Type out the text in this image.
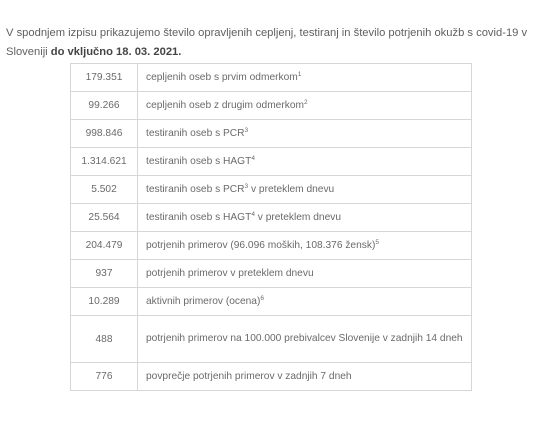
V spodnjem izpisu prikazujemo število opravljenih cepljenj, testiranj in število potrjenih okužb s covid-19 v Sloveniji do vključno 18. 03. 2021.

179.351	cepljenih oseb s prvim odmerkom$^1$
99.266	cepljenih oseb z drugim odmerkom$^2$
998.846	testiranih oseb s PCR$^3$
1.314.621	testiranih oseb s HAGT$^4$
5.502	testiranih oseb s PCR$^3$ v preteklem dnevu
25.564	testiranih oseb s HAGT$^4$ v preteklem dnevu
204.479	potrjenih primerov (96.096 moških, 108.376 žensk)$^5$
937	potrjenih primerov v preteklem dnevu
10.289	aktivnih primerov (ocena)$^6$
488	potrjenih primerov na 100.000 prebivalcev Slovenije v zadnjih 14 dneh
776	povprečje potrjenih primerov v zadnjih 7 dneh
